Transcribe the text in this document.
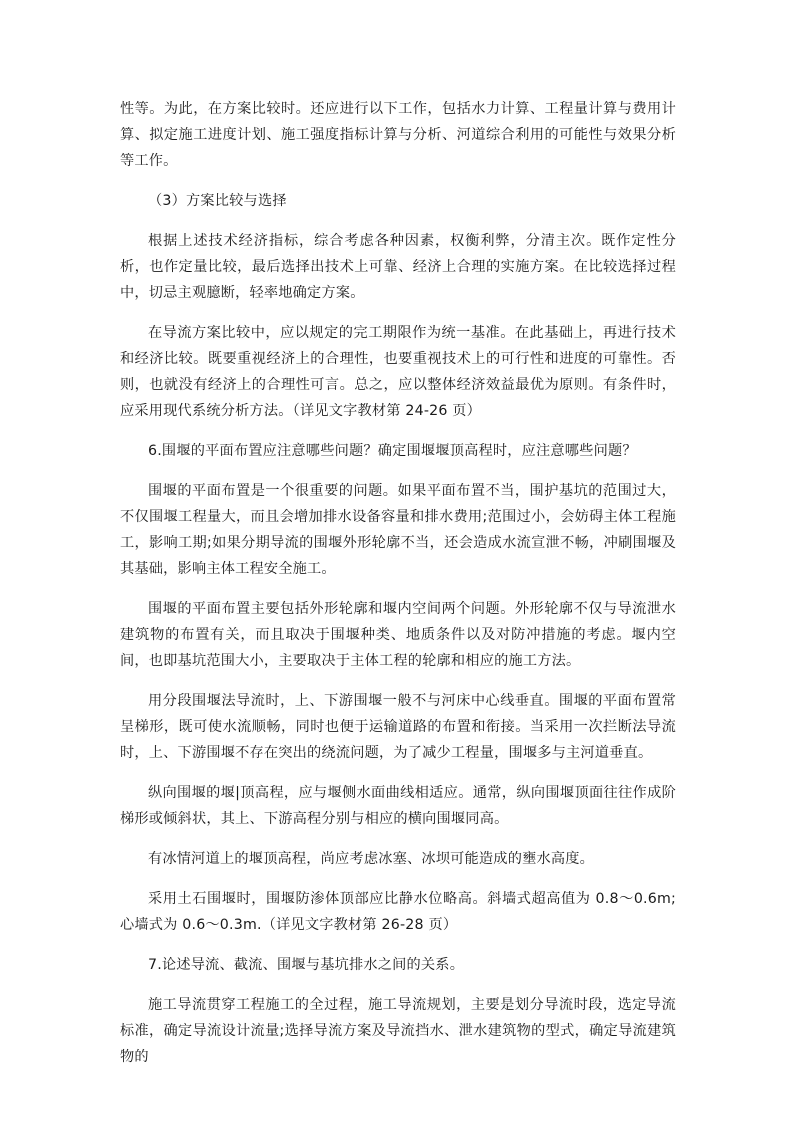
性等。为此，在方案比较时。还应进行以下工作，包括水力计算、工程量计算与费用计算、拟定施工进度计划、施工强度指标计算与分析、河道综合利用的可能性与效果分析等工作。

（3）方案比较与选择

根据上述技术经济指标，综合考虑各种因素，权衡利弊，分清主次。既作定性分析，也作定量比较，最后选择出技术上可靠、经济上合理的实施方案。在比较选择过程中，切忌主观臆断，轻率地确定方案。

在导流方案比较中，应以规定的完工期限作为统一基准。在此基础上，再进行技术和经济比较。既要重视经济上的合理性，也要重视技术上的可行性和进度的可靠性。否则，也就没有经济上的合理性可言。总之，应以整体经济效益最优为原则。有条件时，应采用现代系统分析方法。（详见文字教材第 24-26 页）

6.围堰的平面布置应注意哪些问题？确定围堰堰顶高程时，应注意哪些问题？

围堰的平面布置是一个很重要的问题。如果平面布置不当，围护基坑的范围过大，不仅围堰工程量大，而且会增加排水设备容量和排水费用;范围过小，会妨碍主体工程施工，影响工期;如果分期导流的围堰外形轮廓不当，还会造成水流宣泄不畅，冲刷围堰及其基础，影响主体工程安全施工。

围堰的平面布置主要包括外形轮廓和堰内空间两个问题。外形轮廓不仅与导流泄水建筑物的布置有关，而且取决于围堰种类、地质条件以及对防冲措施的考虑。堰内空间，也即基坑范围大小，主要取决于主体工程的轮廓和相应的施工方法。

用分段围堰法导流时，上、下游围堰一般不与河床中心线垂直。围堰的平面布置常呈梯形，既可使水流顺畅，同时也便于运输道路的布置和衔接。当采用一次拦断法导流时，上、下游围堰不存在突出的绕流问题，为了减少工程量，围堰多与主河道垂直。

纵向围堰的堰|顶高程，应与堰侧水面曲线相适应。通常，纵向围堰顶面往往作成阶梯形或倾斜状，其上、下游高程分别与相应的横向围堰同高。

有冰情河道上的堰顶高程，尚应考虑冰塞、冰坝可能造成的壅水高度。

采用土石围堰时，围堰防渗体顶部应比静水位略高。斜墙式超高值为 0.8～0.6m;心墙式为 0.6～0.3m.（详见文字教材第 26-28 页）

7.论述导流、截流、围堰与基坑排水之间的关系。

施工导流贯穿工程施工的全过程，施工导流规划，主要是划分导流时段，选定导流标准，确定导流设计流量;选择导流方案及导流挡水、泄水建筑物的型式，确定导流建筑物的
